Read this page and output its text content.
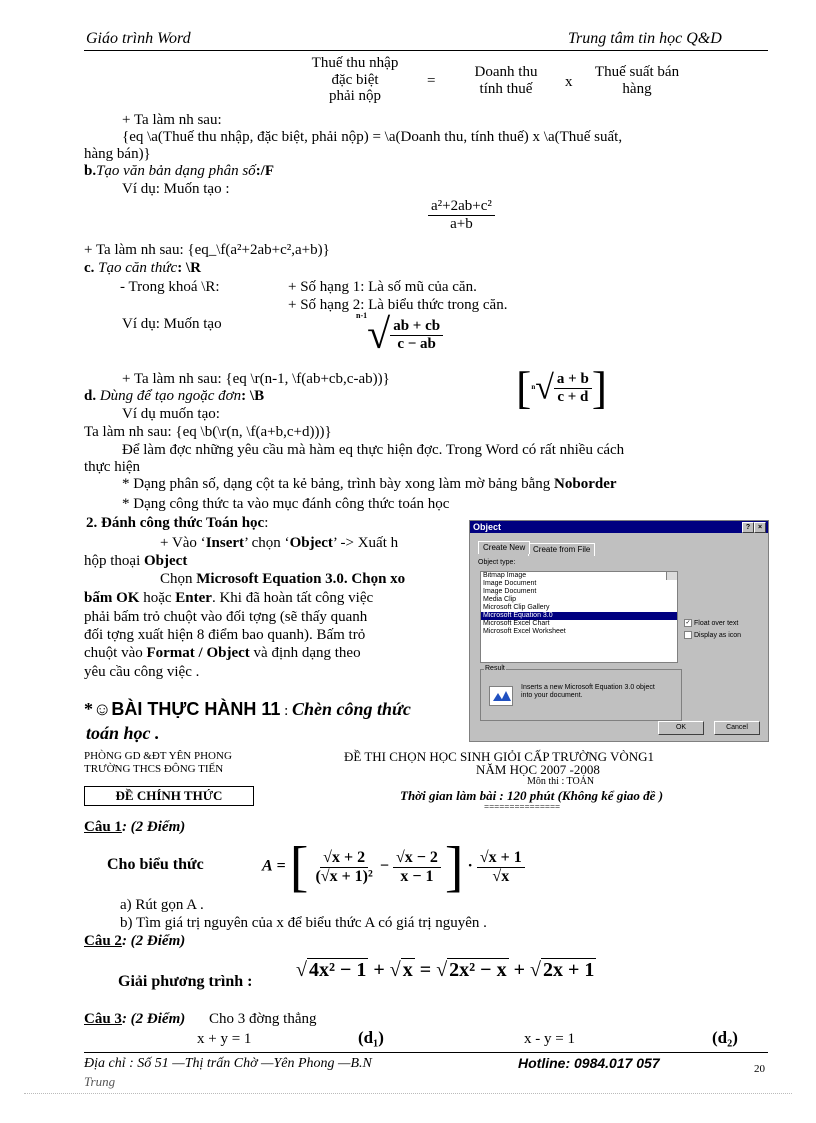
Giáo trình Word	Trung tâm tin học Q&D
Thuế thu nhập
đặc biệt
phải nộp
=
Doanh thu
tính thuế	x
Thuế suất bán
hàng
+ Ta làm nh sau:
{eq \a(Thuế thu nhập, đặc biệt, phải nộp) = \a(Doanh thu, tính thuế) x \a(Thuế suất,
hàng bán)}
b.Tạo văn bản dạng phân số:/F
Ví dụ: Muốn tạo :
$\frac{\text{a²+2ab+c²}}{a+b}$
+ Ta làm nh sau: {eq_\f(a²+2ab+c²,a+b)}
c. Tạo căn thức: \R
- Trong khoá \R:	+ Số hạng 1: Là số mũ của căn.
+ Số hạng 2: Là biểu thức trong căn.
Ví dụ: Muốn tạo
$^{n-1}√ \frac{ab + cb}{c - ab}$
+ Ta làm nh sau: {eq \r(n-1, \f(ab+cb,c-ab))}
d. Dùng để tạo ngoặc đơn: \B	[$n√ \frac{a + b}{c + d}$ ]
Ví dụ muốn tạo:
Ta làm nh sau: {eq \b(\r(n, \f(a+b,c+d)))}
Để làm đợc những yêu cầu mà hàm eq thực hiện đợc. Trong Word có rất nhiều cách
thực hiện
* Dạng phân số, dạng cột ta kẻ bảng, trình bày xong làm mờ bảng bằng Noborder
* Dạng công thức ta vào mục đánh công thức toán học
2. Đánh công thức Toán học:
+ Vào ‘Insert’ chọn ‘Object’ -> Xuất h
hộp thoại Object
Chọn Microsoft Equation 3.0. Chọn xo
bấm OK hoặc Enter. Khi đã hoàn tất công việc
phải bấm trỏ chuột vào đối tợng (sẽ thấy quanh
đối tợng xuất hiện 8 điểm bao quanh). Bấm trỏ
chuột vào Format / Object và định dạng theo
yêu cầu công việc .
*☺BÀI THỰC HÀNH 11 : Chèn công thức
toán học .
Object	?	×
Create New Create from File
Object type:
Bitmap Image
Image Document
Image Document
Media Clip
Microsoft Clip Gallery
Microsoft Equation 3.0
Microsoft Excel Chart
Microsoft Excel Worksheet
✓ Float over text
Display as icon
Result
Inserts a new Microsoft Equation 3.0 object
into your document.
OK	Cancel
PHÒNG GD &ĐT YÊN PHONG
TRƯỜNG THCS ĐÔNG TIẾN
ĐỀ THI CHỌN HỌC SINH GIỎI CẤP TRƯỜNG VÒNG1
NĂM HỌC 2007 -2008
Môn thi : TOÁN
Thời gian làm bài : 120 phút (Không kể giao đề )
===============
ĐỀ CHÍNH THỨC
Câu 1: (2 Điểm)
Cho biểu thức	A = [ $\frac{√x + 2}{\text{(√x + 1)²}} - \frac{√x - 2}{x - 1}$ ] · $\frac{√x + 1}{√x}$
a) Rút gọn A .
b) Tìm giá trị nguyên của x để biểu thức A có giá trị nguyên .
Câu 2: (2 Điểm)
Giải phương trình :
√ 4x² − 1 + √ x = √ 2x² − x + √ 2x + 1
Câu 3: (2 Điểm) Cho 3 đờng thẳng
x + y = 1	(d₁)	x - y = 1	(d₂)
Địa chỉ : Số 51 —Thị trấn Chờ —Yên Phong —B.N	Hotline: 0984.017 057	20
Trung
